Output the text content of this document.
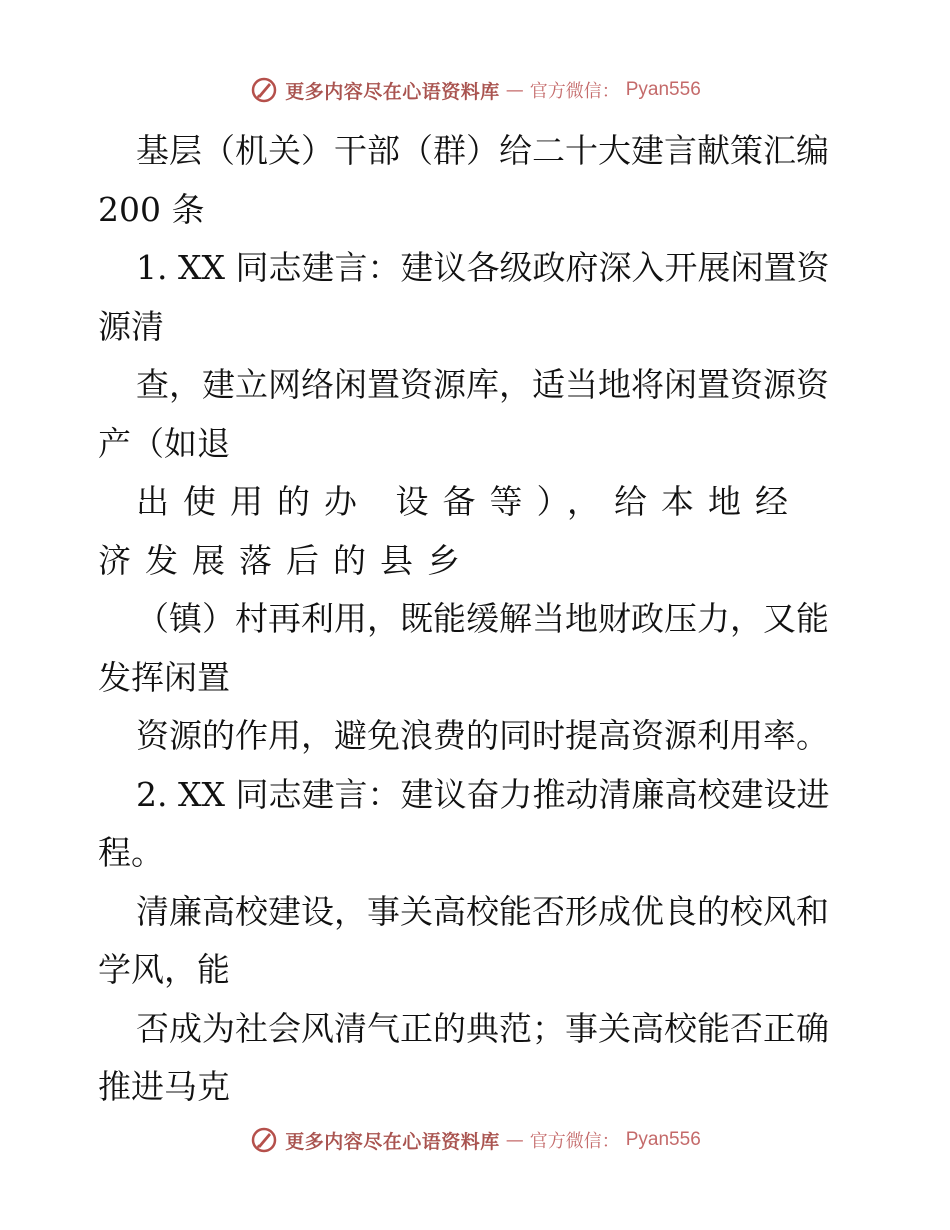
更多内容尽在心语资料库 — 官方微信： Pyan556
基层（机关）干部（群）给二十大建言献策汇编
200 条
1. XX 同志建言：建议各级政府深入开展闲置资
源清
查，建立网络闲置资源库，适当地将闲置资源资
产（如退
出使用的办 设备等），给本地经
济发展落后的县乡
（镇）村再利用，既能缓解当地财政压力，又能
发挥闲置
资源的作用，避免浪费的同时提高资源利用率。
2. XX 同志建言：建议奋力推动清廉高校建设进
程。
清廉高校建设，事关高校能否形成优良的校风和
学风，能
否成为社会风清气正的典范；事关高校能否正确
推进马克
更多内容尽在心语资料库 — 官方微信： Pyan556
